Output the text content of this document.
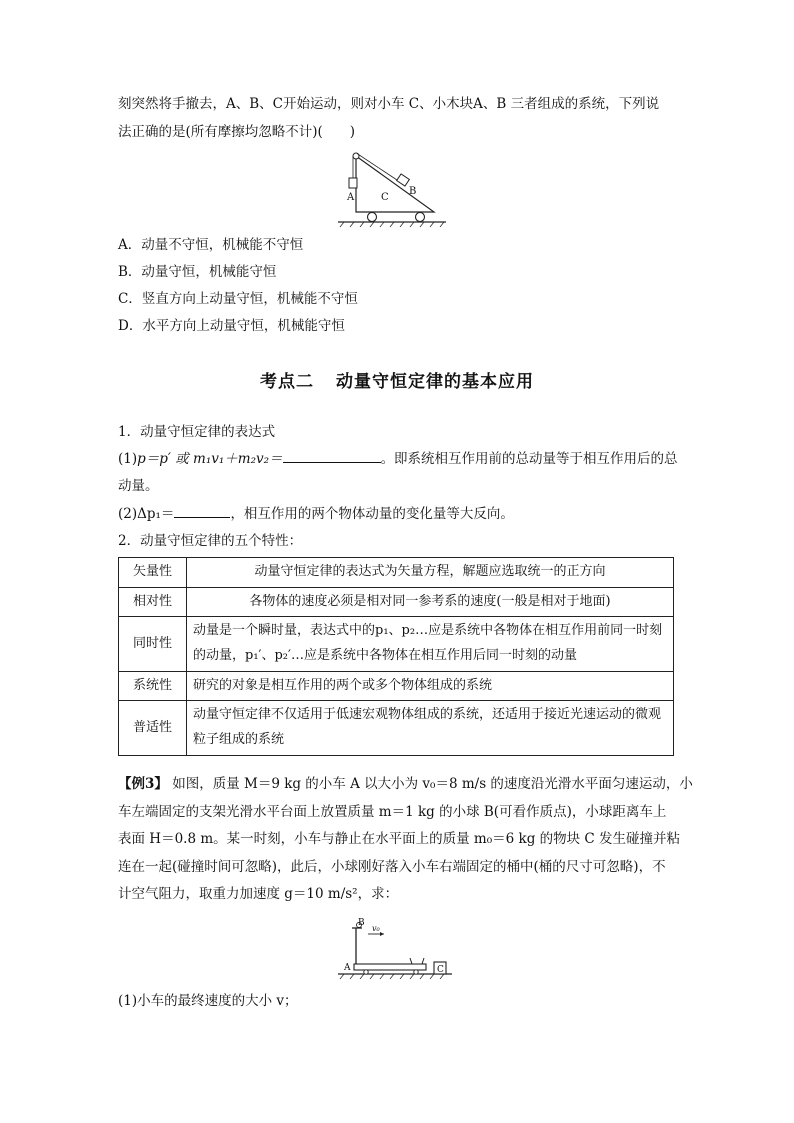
刻突然将手撤去，A、B、C开始运动，则对小车 C、小木块A、B 三者组成的系统，下列说
法正确的是(所有摩擦均忽略不计)(　　)
A
B
C
A．动量不守恒，机械能不守恒
B．动量守恒，机械能守恒
C．竖直方向上动量守恒，机械能不守恒
D．水平方向上动量守恒，机械能守恒
考点二 动量守恒定律的基本应用
1．动量守恒定律的表达式
(1)p＝p′ 或 m₁v₁＋m₂v₂＝	。即系统相互作用前的总动量等于相互作用后的总
动量。
(2)Δp₁＝	，相互作用的两个物体动量的变化量等大反向。
2．动量守恒定律的五个特性：
矢量性	动量守恒定律的表达式为矢量方程，解题应选取统一的正方向
相对性	各物体的速度必须是相对同一参考系的速度(一般是相对于地面)
同时性	动量是一个瞬时量，表达式中的p₁、p₂…应是系统中各物体在相互作用前同一时刻的动量，p₁′、p₂′…应是系统中各物体在相互作用后同一时刻的动量
系统性	研究的对象是相互作用的两个或多个物体组成的系统
普适性	动量守恒定律不仅适用于低速宏观物体组成的系统，还适用于接近光速运动的微观粒子组成的系统
【例3】 如图，质量 M＝9 kg 的小车 A 以大小为 v₀＝8 m/s 的速度沿光滑水平面匀速运动，小
车左端固定的支架光滑水平台面上放置质量 m＝1 kg 的小球 B(可看作质点)，小球距离车上
表面 H＝0.8 m。某一时刻，小车与静止在水平面上的质量 m₀＝6 kg 的物块 C 发生碰撞并粘
连在一起(碰撞时间可忽略)，此后，小球刚好落入小车右端固定的桶中(桶的尺寸可忽略)，不
计空气阻力，取重力加速度 g＝10 m/s²，求：
B
v₀
A	C
(1)小车的最终速度的大小 v；
